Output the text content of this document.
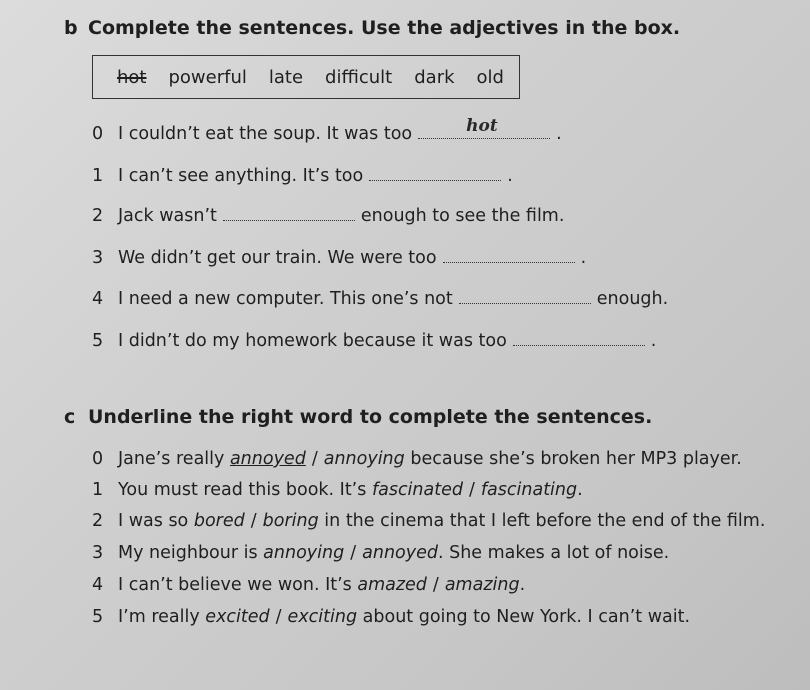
b Complete the sentences. Use the adjectives in the box.
hot powerful late difficult dark old
0 I couldn’t eat the soup. It was too	hot	.
1 I can’t see anything. It’s too	.
2 Jack wasn’t	enough to see the film.
3 We didn’t get our train. We were too	.
4 I need a new computer. This one’s not	enough.
5 I didn’t do my homework because it was too	.
c Underline the right word to complete the sentences.
0 Jane’s really
annoyed / annoying
because she’s broken her MP3 player.
1 You must read this book. It’s
fascinated / fascinating .
2 I was so
bored / boring
in the cinema that I left before the end of the film.
3 My neighbour is
annoying / annoyed . She makes a lot of noise.
4 I can’t believe we won. It’s
amazed / amazing .
5 I’m really
excited / exciting
about going to New York. I can’t wait.
